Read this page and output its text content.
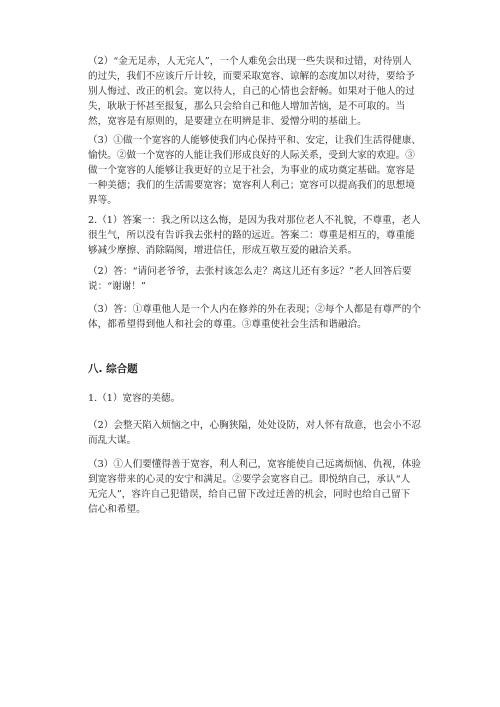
（2）“金无足赤，人无完人”，一个人难免会出现一些失误和过错，对待别人
的过失，我们不应该斤斤计较，而要采取宽容、谅解的态度加以对待，要给予
别人悔过、改正的机会。宽以待人，自己的心情也会舒畅。如果对于他人的过
失，耿耿于怀甚至报复，那么只会给自己和他人增加苦恼，是不可取的。当
然，宽容是有原则的，是要建立在明辨是非、爱憎分明的基础上。
（3）①做一个宽容的人能够使我们内心保持平和、安定，让我们生活得健康、
愉快。②做一个宽容的人能让我们形成良好的人际关系，受到大家的欢迎。③
做一个宽容的人能够让我更好的立足于社会，为事业的成功奠定基础。宽容是
一种美德；我们的生活需要宽容；宽容利人利己；宽容可以提高我们的思想境
界等。
2.（1）答案一：我之所以这么悔，是因为我对那位老人不礼貌，不尊重，老人
很生气，所以没有告诉我去张村的路的远近。答案二：尊重是相互的，尊重能
够减少摩擦、消除隔阂，增进信任，形成互敬互爱的融洽关系。
（2）答：“请问老爷爷，去张村该怎么走？离这儿还有多远？”老人回答后要
说：“谢谢！”
（3）答：①尊重他人是一个人内在修养的外在表现；②每个人都是有尊严的个
体，都希望得到他人和社会的尊重。③尊重使社会生活和谐融洽。
八. 综合题
1.（1）宽容的美德。
（2）会整天陷入烦恼之中，心胸狭隘，处处设防，对人怀有敌意，也会小不忍
而乱大谋。
（3）①人们要懂得善于宽容，利人利己，宽容能使自己远离烦恼、仇视，体验
到宽容带来的心灵的安宁和满足。②要学会宽容自己。即悦纳自己，承认“人
无完人”，容许自己犯错误，给自己留下改过迁善的机会，同时也给自己留下
信心和希望。
